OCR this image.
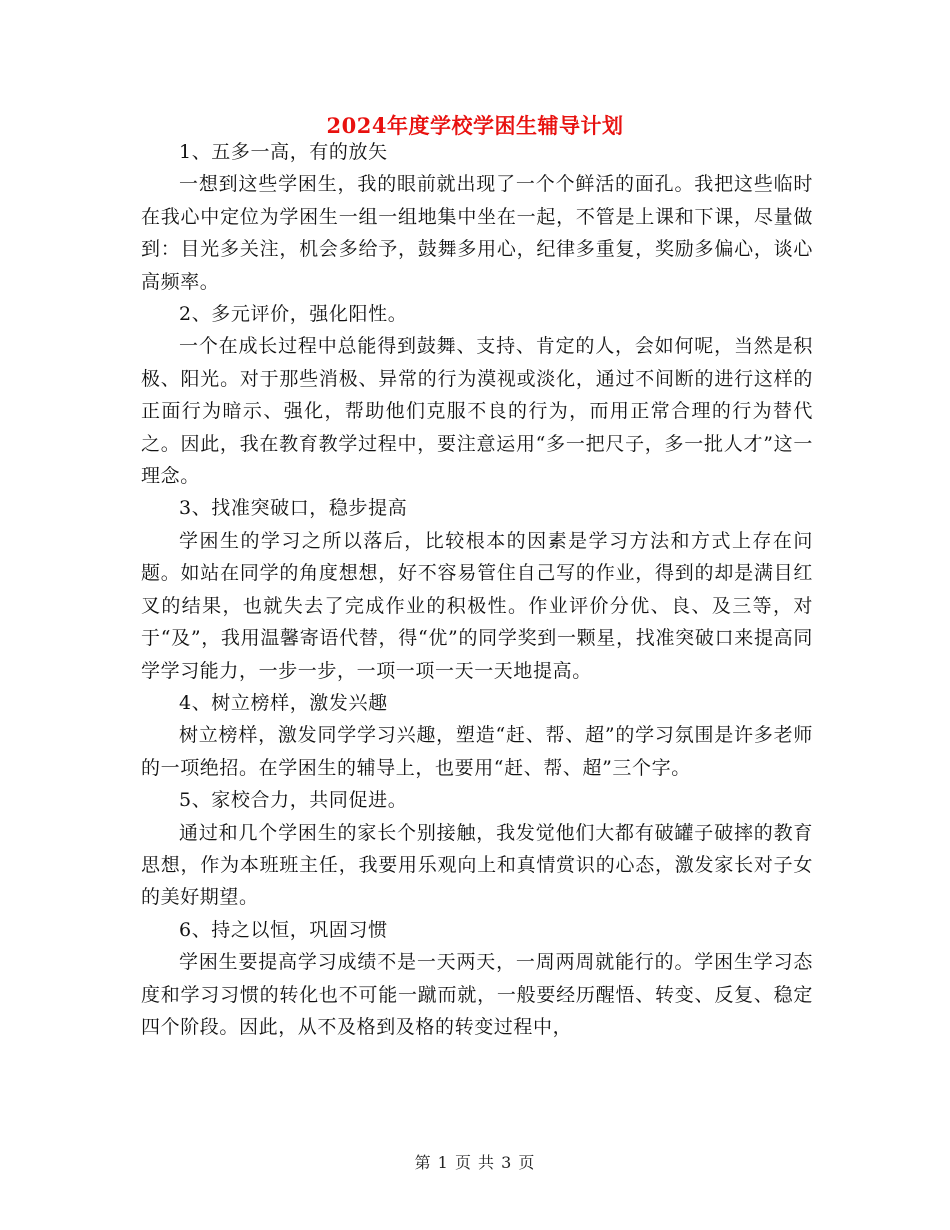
2024年度学校学困生辅导计划

1、五多一高，有的放矢

一想到这些学困生，我的眼前就出现了一个个鲜活的面孔。我把这些临时在我心中定位为学困生一组一组地集中坐在一起，不管是上课和下课，尽量做到：目光多关注，机会多给予，鼓舞多用心，纪律多重复，奖励多偏心，谈心高频率。

2、多元评价，强化阳性。

一个在成长过程中总能得到鼓舞、支持、肯定的人，会如何呢，当然是积极、阳光。对于那些消极、异常的行为漠视或淡化，通过不间断的进行这样的正面行为暗示、强化，帮助他们克服不良的行为，而用正常合理的行为替代之。因此，我在教育教学过程中，要注意运用“多一把尺子，多一批人才”这一理念。

3、找准突破口，稳步提高

学困生的学习之所以落后，比较根本的因素是学习方法和方式上存在问题。如站在同学的角度想想，好不容易管住自己写的作业，得到的却是满目红叉的结果，也就失去了完成作业的积极性。作业评价分优、良、及三等，对于“及”，我用温馨寄语代替，得“优”的同学奖到一颗星，找准突破口来提高同学学习能力，一步一步，一项一项一天一天地提高。

4、树立榜样，激发兴趣

树立榜样，激发同学学习兴趣，塑造“赶、帮、超”的学习氛围是许多老师的一项绝招。在学困生的辅导上，也要用“赶、帮、超”三个字。

5、家校合力，共同促进。

通过和几个学困生的家长个别接触，我发觉他们大都有破罐子破摔的教育思想，作为本班班主任，我要用乐观向上和真情赏识的心态，激发家长对子女的美好期望。

6、持之以恒，巩固习惯

学困生要提高学习成绩不是一天两天，一周两周就能行的。学困生学习态度和学习习惯的转化也不可能一蹴而就，一般要经历醒悟、转变、反复、稳定四个阶段。因此，从不及格到及格的转变过程中，

第 1 页 共 3 页
